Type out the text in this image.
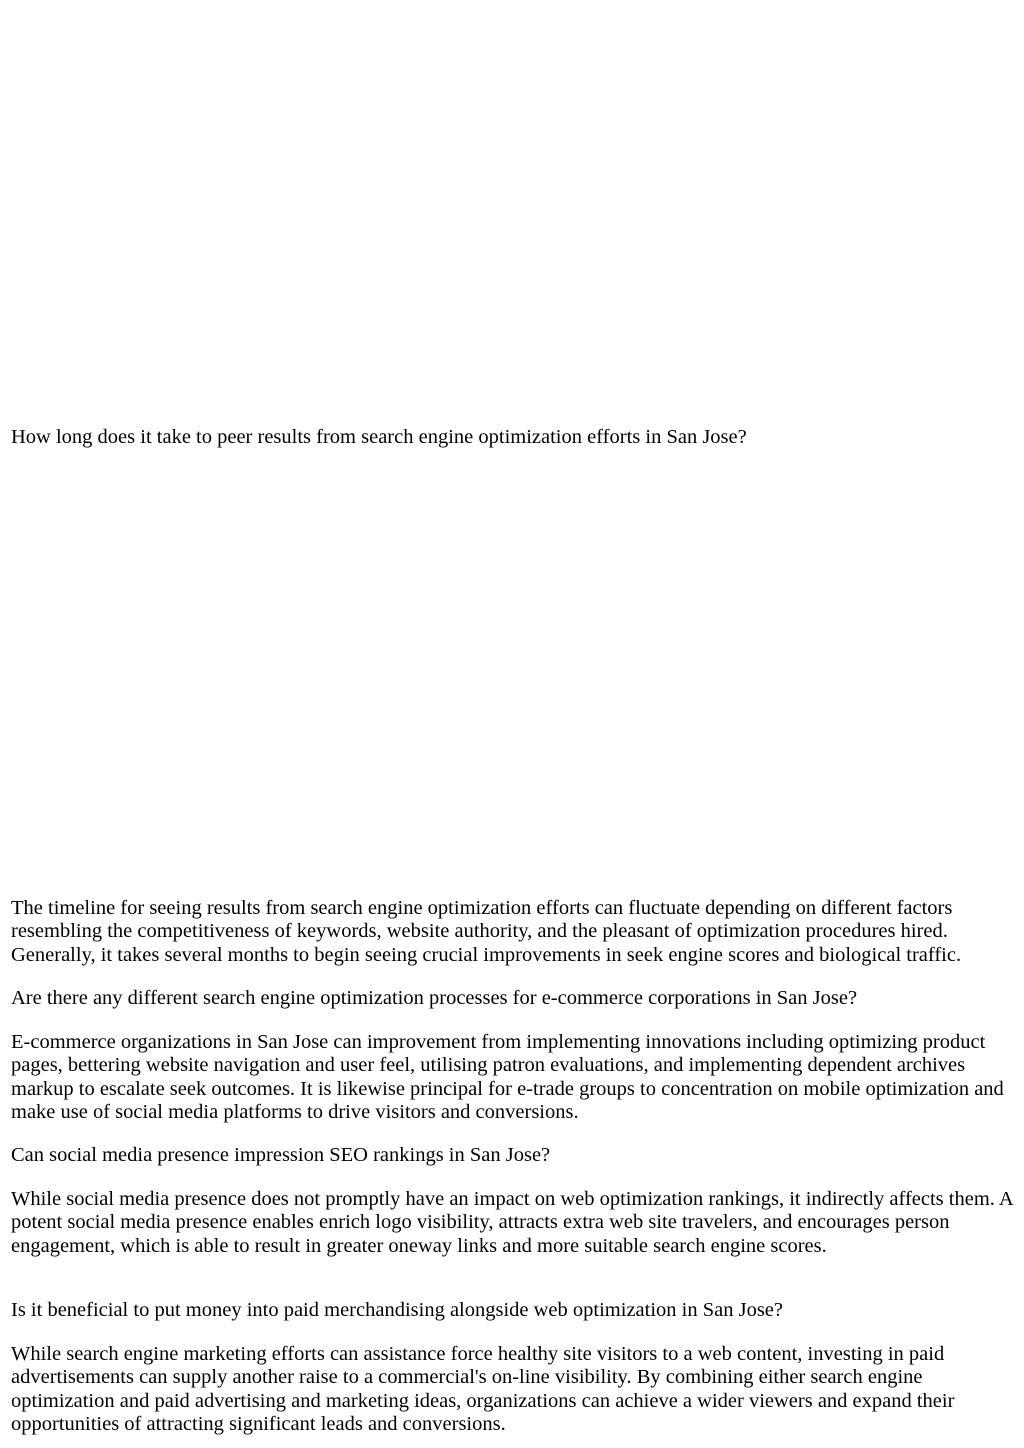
How long does it take to peer results from search engine optimization efforts in San Jose?

The timeline for seeing results from search engine optimization efforts can fluctuate depending on different factors resembling the competitiveness of keywords, website authority, and the pleasant of optimization procedures hired. Generally, it takes several months to begin seeing crucial improvements in seek engine scores and biological traffic.

Are there any different search engine optimization processes for e-commerce corporations in San Jose?

E-commerce organizations in San Jose can improvement from implementing innovations including optimizing product pages, bettering website navigation and user feel, utilising patron evaluations, and implementing dependent archives markup to escalate seek outcomes. It is likewise principal for e-trade groups to concentration on mobile optimization and make use of social media platforms to drive visitors and conversions.

Can social media presence impression SEO rankings in San Jose?

While social media presence does not promptly have an impact on web optimization rankings, it indirectly affects them. A potent social media presence enables enrich logo visibility, attracts extra web site travelers, and encourages person engagement, which is able to result in greater oneway links and more suitable search engine scores.

Is it beneficial to put money into paid merchandising alongside web optimization in San Jose?

While search engine marketing efforts can assistance force healthy site visitors to a web content, investing in paid advertisements can supply another raise to a commercial's on-line visibility. By combining either search engine optimization and paid advertising and marketing ideas, organizations can achieve a wider viewers and expand their opportunities of attracting significant leads and conversions.
